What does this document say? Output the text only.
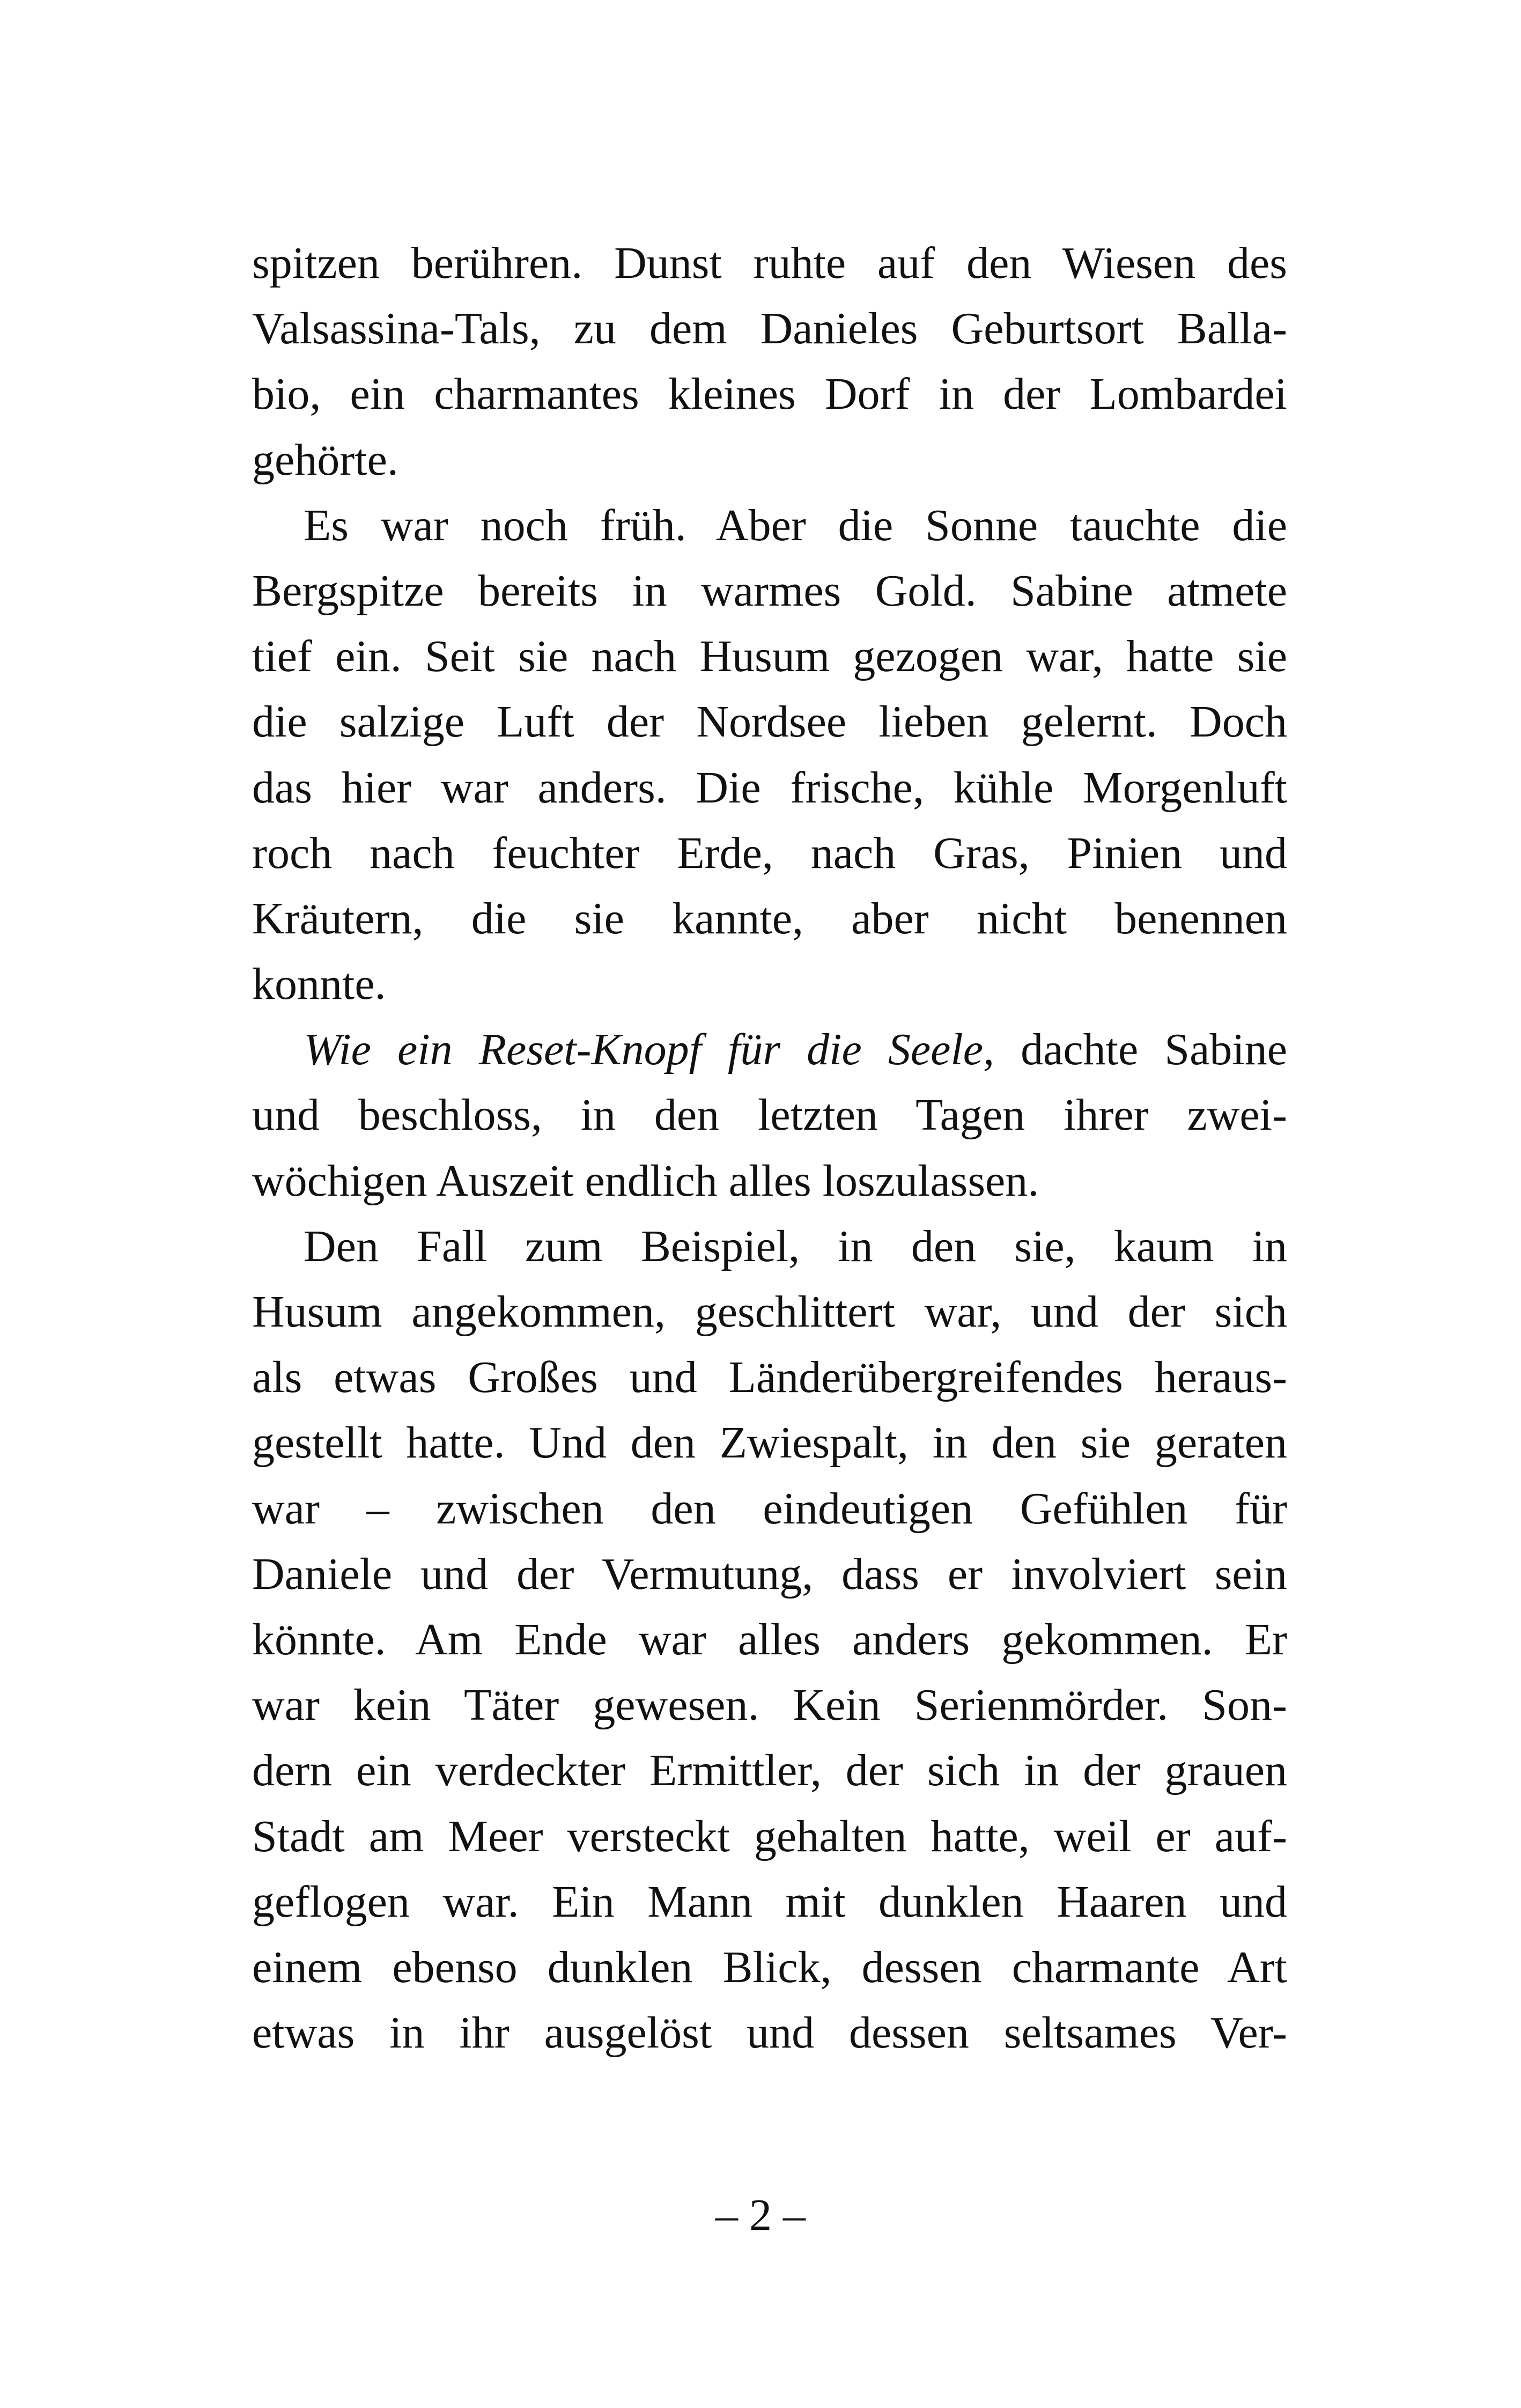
spitzen berühren. Dunst ruhte auf den Wiesen des
Valsassina-Tals, zu dem Danieles Geburtsort Balla-
bio, ein charmantes kleines Dorf in der Lombardei
gehörte.
Es war noch früh. Aber die Sonne tauchte die
Bergspitze bereits in warmes Gold. Sabine atmete
tief ein. Seit sie nach Husum gezogen war, hatte sie
die salzige Luft der Nordsee lieben gelernt. Doch
das hier war anders. Die frische, kühle Morgenluft
roch nach feuchter Erde, nach Gras, Pinien und
Kräutern, die sie kannte, aber nicht benennen
konnte.
Wie ein Reset-Knopf für die Seele, dachte Sabine
und beschloss, in den letzten Tagen ihrer zwei-
wöchigen Auszeit endlich alles loszulassen.
Den Fall zum Beispiel, in den sie, kaum in
Husum angekommen, geschlittert war, und der sich
als etwas Großes und Länderübergreifendes heraus-
gestellt hatte. Und den Zwiespalt, in den sie geraten
war – zwischen den eindeutigen Gefühlen für
Daniele und der Vermutung, dass er involviert sein
könnte. Am Ende war alles anders gekommen. Er
war kein Täter gewesen. Kein Serienmörder. Son-
dern ein verdeckter Ermittler, der sich in der grauen
Stadt am Meer versteckt gehalten hatte, weil er auf-
geflogen war. Ein Mann mit dunklen Haaren und
einem ebenso dunklen Blick, dessen charmante Art
etwas in ihr ausgelöst und dessen seltsames Ver-
– 2 –
